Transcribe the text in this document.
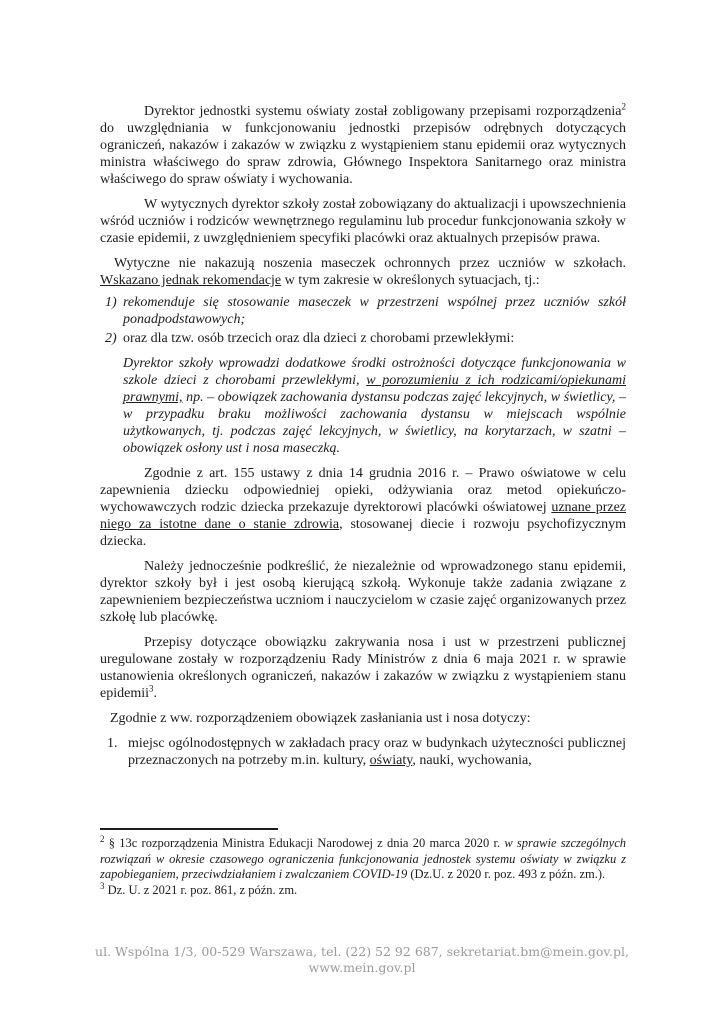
Dyrektor jednostki systemu oświaty został zobligowany przepisami rozporządzenia$^2$ do uwzględniania w funkcjonowaniu jednostki przepisów odrębnych dotyczących ograniczeń, nakazów i zakazów w związku z wystąpieniem stanu epidemii oraz wytycznych ministra właściwego do spraw zdrowia, Głównego Inspektora Sanitarnego oraz ministra właściwego do spraw oświaty i wychowania.

W wytycznych dyrektor szkoły został zobowiązany do aktualizacji i upowszechnienia wśród uczniów i rodziców wewnętrznego regulaminu lub procedur funkcjonowania szkoły w czasie epidemii, z uwzględnieniem specyfiki placówki oraz aktualnych przepisów prawa.

Wytyczne nie nakazują noszenia maseczek ochronnych przez uczniów w szkołach. Wskazano jednak rekomendacje w tym zakresie w określonych sytuacjach, tj.:

1) rekomenduje się stosowanie maseczek w przestrzeni wspólnej przez uczniów szkół ponadpodstawowych;
2) oraz dla tzw. osób trzecich oraz dla dzieci z chorobami przewlekłymi:

Dyrektor szkoły wprowadzi dodatkowe środki ostrożności dotyczące funkcjonowania w szkole dzieci z chorobami przewlekłymi, w porozumieniu z ich rodzicami/opiekunami prawnymi, np. – obowiązek zachowania dystansu podczas zajęć lekcyjnych, w świetlicy, – w przypadku braku możliwości zachowania dystansu w miejscach wspólnie użytkowanych, tj. podczas zajęć lekcyjnych, w świetlicy, na korytarzach, w szatni – obowiązek osłony ust i nosa maseczką.

Zgodnie z art. 155 ustawy z dnia 14 grudnia 2016 r. – Prawo oświatowe w celu zapewnienia dziecku odpowiedniej opieki, odżywiania oraz metod opiekuńczo-wychowawczych rodzic dziecka przekazuje dyrektorowi placówki oświatowej uznane przez niego za istotne dane o stanie zdrowia, stosowanej diecie i rozwoju psychofizycznym dziecka.

Należy jednocześnie podkreślić, że niezależnie od wprowadzonego stanu epidemii, dyrektor szkoły był i jest osobą kierującą szkołą. Wykonuje także zadania związane z zapewnieniem bezpieczeństwa uczniom i nauczycielom w czasie zajęć organizowanych przez szkołę lub placówkę.

Przepisy dotyczące obowiązku zakrywania nosa i ust w przestrzeni publicznej uregulowane zostały w rozporządzeniu Rady Ministrów z dnia 6 maja 2021 r. w sprawie ustanowienia określonych ograniczeń, nakazów i zakazów w związku z wystąpieniem stanu epidemii$^3$.

Zgodnie z ww. rozporządzeniem obowiązek zasłaniania ust i nosa dotyczy:

1. miejsc ogólnodostępnych w zakładach pracy oraz w budynkach użyteczności publicznej przeznaczonych na potrzeby m.in. kultury, oświaty, nauki, wychowania,

$^2$ § 13c rozporządzenia Ministra Edukacji Narodowej z dnia 20 marca 2020 r. w sprawie szczególnych rozwiązań w okresie czasowego ograniczenia funkcjonowania jednostek systemu oświaty w związku z zapobieganiem, przeciwdziałaniem i zwalczaniem COVID-19 (Dz.U. z 2020 r. poz. 493 z późn. zm.).

$^3$ Dz. U. z 2021 r. poz. 861, z późn. zm.

ul. Wspólna 1/3, 00-529 Warszawa, tel. (22) 52 92 687, sekretariat.bm@mein.gov.pl,
www.mein.gov.pl
